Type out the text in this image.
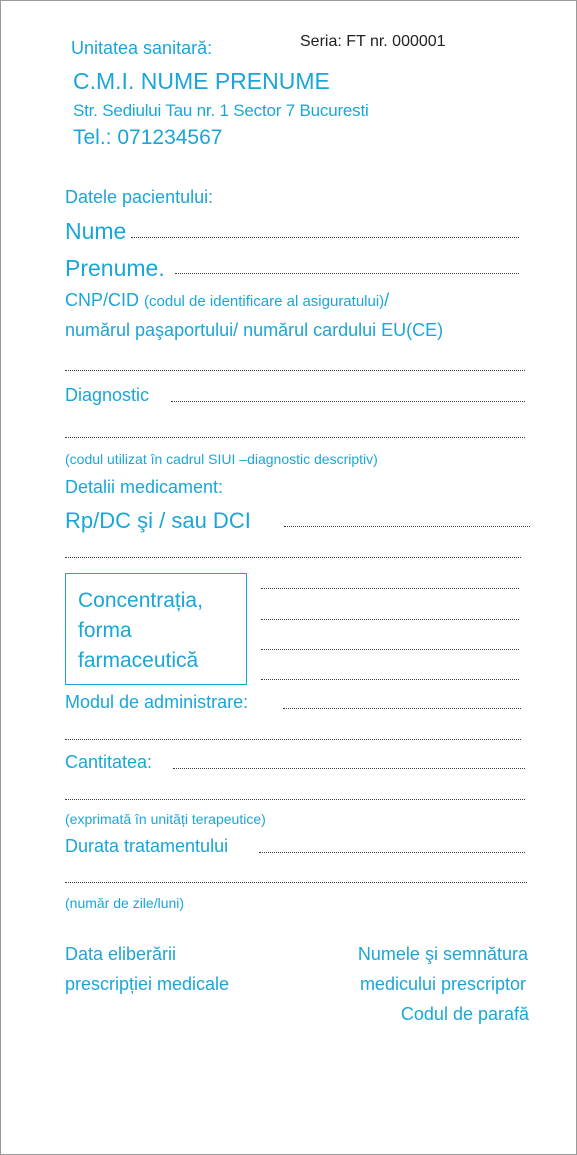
Unitatea sanitară:	Seria: FT nr. 000001
C.M.I. NUME PRENUME
Str. Sediului Tau nr. 1 Sector 7 Bucuresti
Tel.: 071234567
Datele pacientului:
Nume
Prenume.
CNP/CID (codul de identificare al asiguratului)/
numărul paşaportului/ numărul cardului EU(CE)
Diagnostic
(codul utilizat în cadrul SIUI –diagnostic descriptiv)
Detalii medicament:
Rp/DC şi / sau DCI
Concentrația,
forma
farmaceutică
Modul de administrare:
Cantitatea:
(exprimată în unități terapeutice)
Durata tratamentului
(număr de zile/luni)
Data eliberării
prescripției medicale
Numele şi semnătura
medicului prescriptor
Codul de parafă
